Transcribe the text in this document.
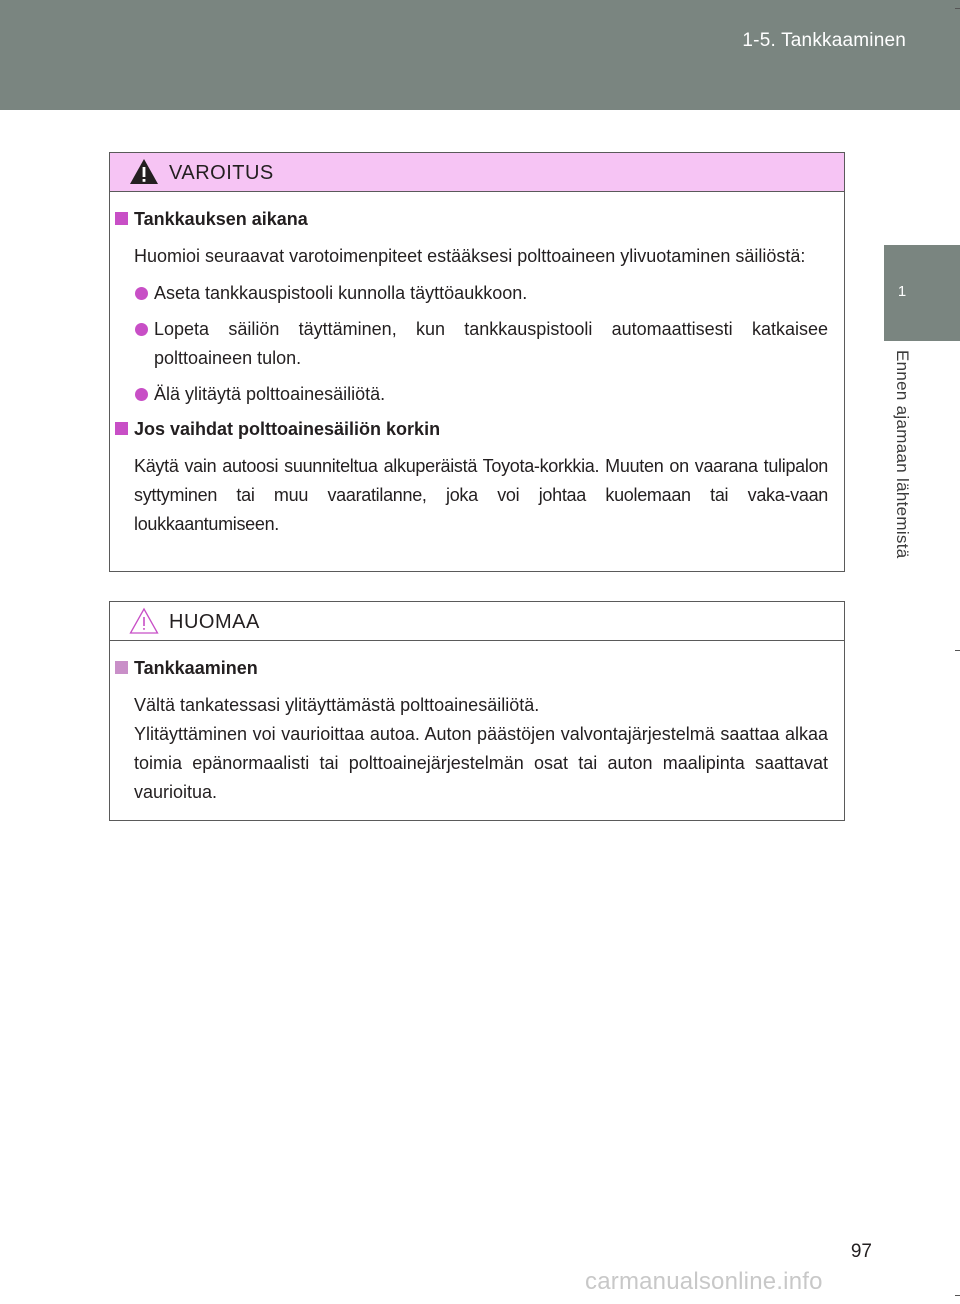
1-5. Tankkaaminen
1
Ennen ajamaan lähtemistä
VAROITUS
Tankkauksen aikana
Huomioi seuraavat varotoimenpiteet estääksesi polttoaineen ylivuotaminen säiliöstä:
Aseta tankkauspistooli kunnolla täyttöaukkoon.
Lopeta säiliön täyttäminen, kun tankkauspistooli automaattisesti katkaisee polttoaineen tulon.
Älä ylitäytä polttoainesäiliötä.
Jos vaihdat polttoainesäiliön korkin
Käytä vain autoosi suunniteltua alkuperäistä Toyota-korkkia. Muuten on vaarana tulipalon syttyminen tai muu vaaratilanne, joka voi johtaa kuolemaan tai vaka-vaan loukkaantumiseen.
HUOMAA
Tankkaaminen
Vältä tankatessasi ylitäyttämästä polttoainesäiliötä.
Ylitäyttäminen voi vaurioittaa autoa. Auton päästöjen valvontajärjestelmä saattaa alkaa toimia epänormaalisti tai polttoainejärjestelmän osat tai auton maalipinta saattavat vaurioitua.
97
carmanualsonline.info
